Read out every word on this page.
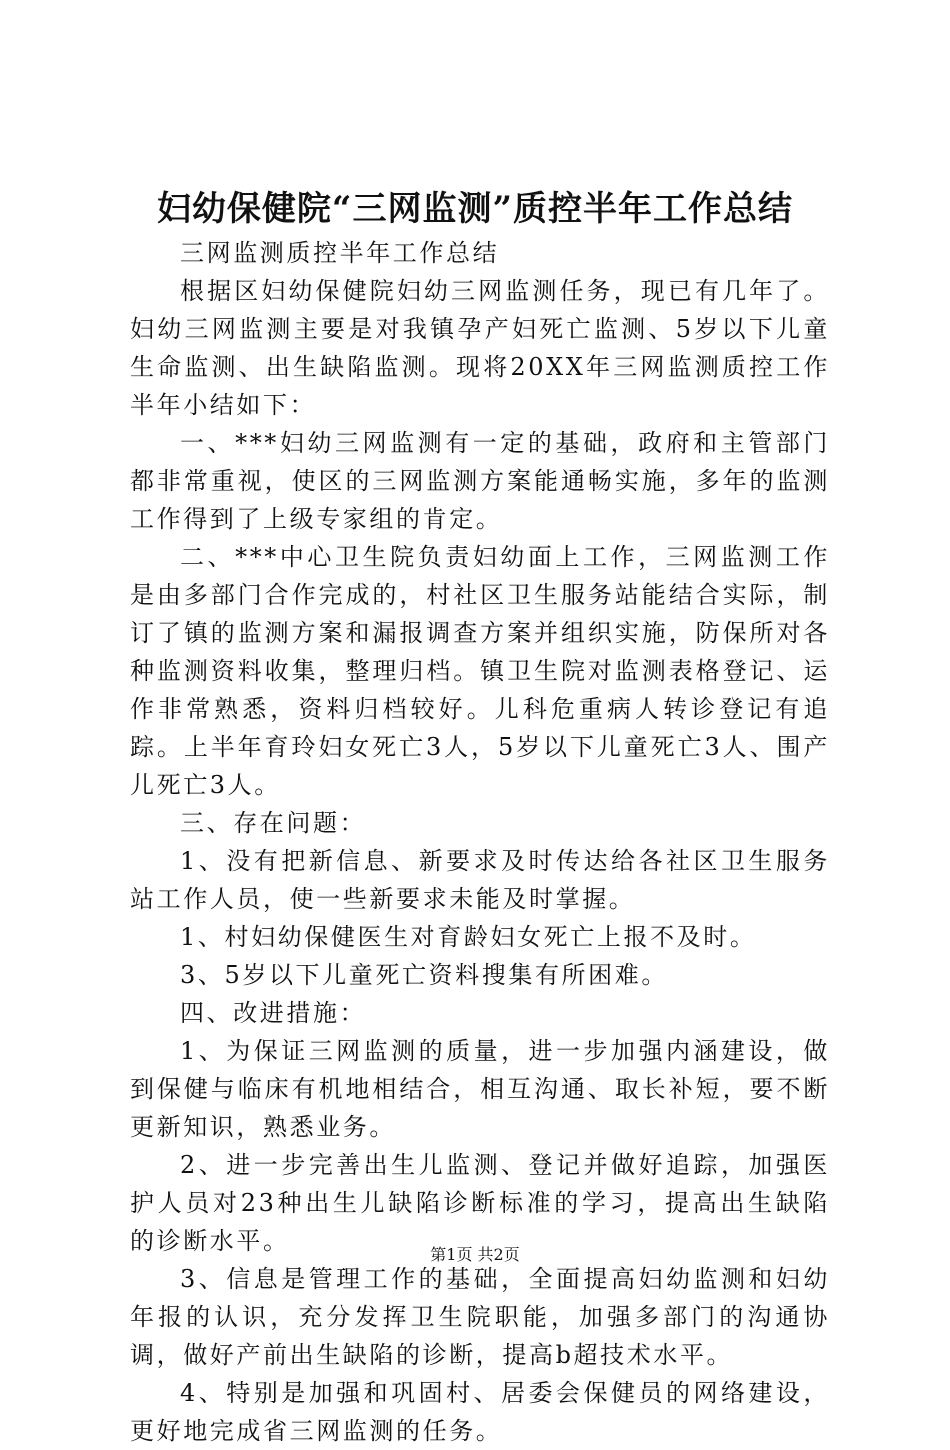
妇幼保健院“三网监测”质控半年工作总结

三网监测质控半年工作总结

根据区妇幼保健院妇幼三网监测任务，现已有几年了。妇幼三网监测主要是对我镇孕产妇死亡监测、5岁以下儿童生命监测、出生缺陷监测。现将20XX年三网监测质控工作半年小结如下：

一、***妇幼三网监测有一定的基础，政府和主管部门都非常重视，使区的三网监测方案能通畅实施，多年的监测工作得到了上级专家组的肯定。

二、***中心卫生院负责妇幼面上工作，三网监测工作是由多部门合作完成的，村社区卫生服务站能结合实际，制订了镇的监测方案和漏报调查方案并组织实施，防保所对各种监测资料收集，整理归档。镇卫生院对监测表格登记、运作非常熟悉，资料归档较好。儿科危重病人转诊登记有追踪。上半年育玲妇女死亡3人，5岁以下儿童死亡3人、围产儿死亡3人。

三、存在问题：

1、没有把新信息、新要求及时传达给各社区卫生服务站工作人员，使一些新要求未能及时掌握。

1、村妇幼保健医生对育龄妇女死亡上报不及时。

3、5岁以下儿童死亡资料搜集有所困难。

四、改进措施：

1、为保证三网监测的质量，进一步加强内涵建设，做到保健与临床有机地相结合，相互沟通、取长补短，要不断更新知识，熟悉业务。

2、进一步完善出生儿监测、登记并做好追踪，加强医护人员对23种出生儿缺陷诊断标准的学习，提高出生缺陷的诊断水平。

3、信息是管理工作的基础，全面提高妇幼监测和妇幼年报的认识，充分发挥卫生院职能，加强多部门的沟通协调，做好产前出生缺陷的诊断，提高b超技术水平。

4、特别是加强和巩固村、居委会保健员的网络建设，更好地完成省三网监测的任务。

第1页 共2页
